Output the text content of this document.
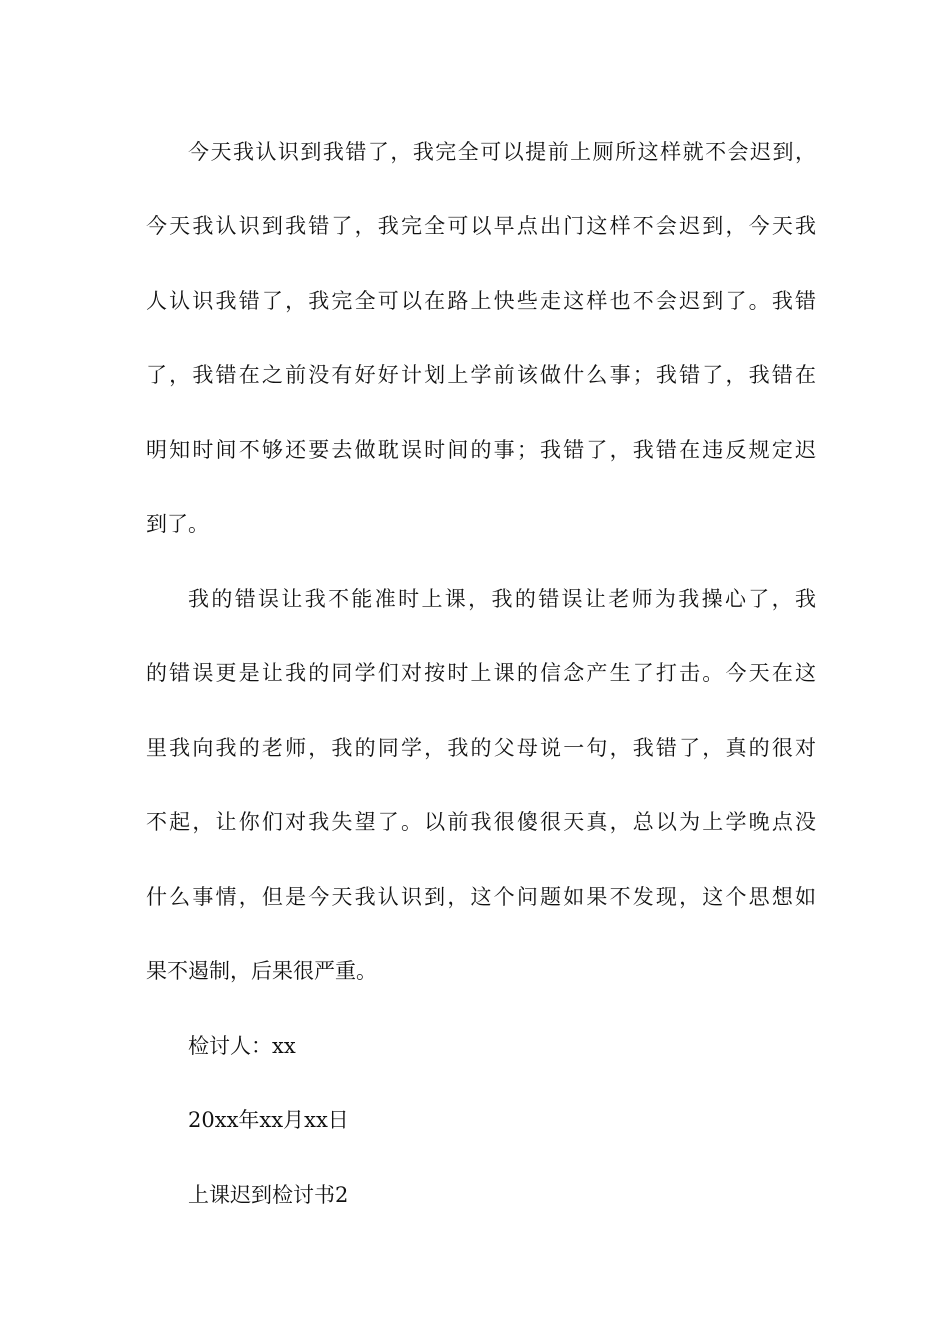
今天我认识到我错了，我完全可以提前上厕所这样就不会迟到，

今天我认识到我错了，我完全可以早点出门这样不会迟到，今天我

人认识我错了，我完全可以在路上快些走这样也不会迟到了。我错

了，我错在之前没有好好计划上学前该做什么事；我错了，我错在

明知时间不够还要去做耽误时间的事；我错了，我错在违反规定迟

到了。

我的错误让我不能准时上课，我的错误让老师为我操心了，我

的错误更是让我的同学们对按时上课的信念产生了打击。今天在这

里我向我的老师，我的同学，我的父母说一句，我错了，真的很对

不起，让你们对我失望了。以前我很傻很天真，总以为上学晚点没

什么事情，但是今天我认识到，这个问题如果不发现，这个思想如

果不遏制，后果很严重。

检讨人：xx

20xx年xx月xx日

上课迟到检讨书2
